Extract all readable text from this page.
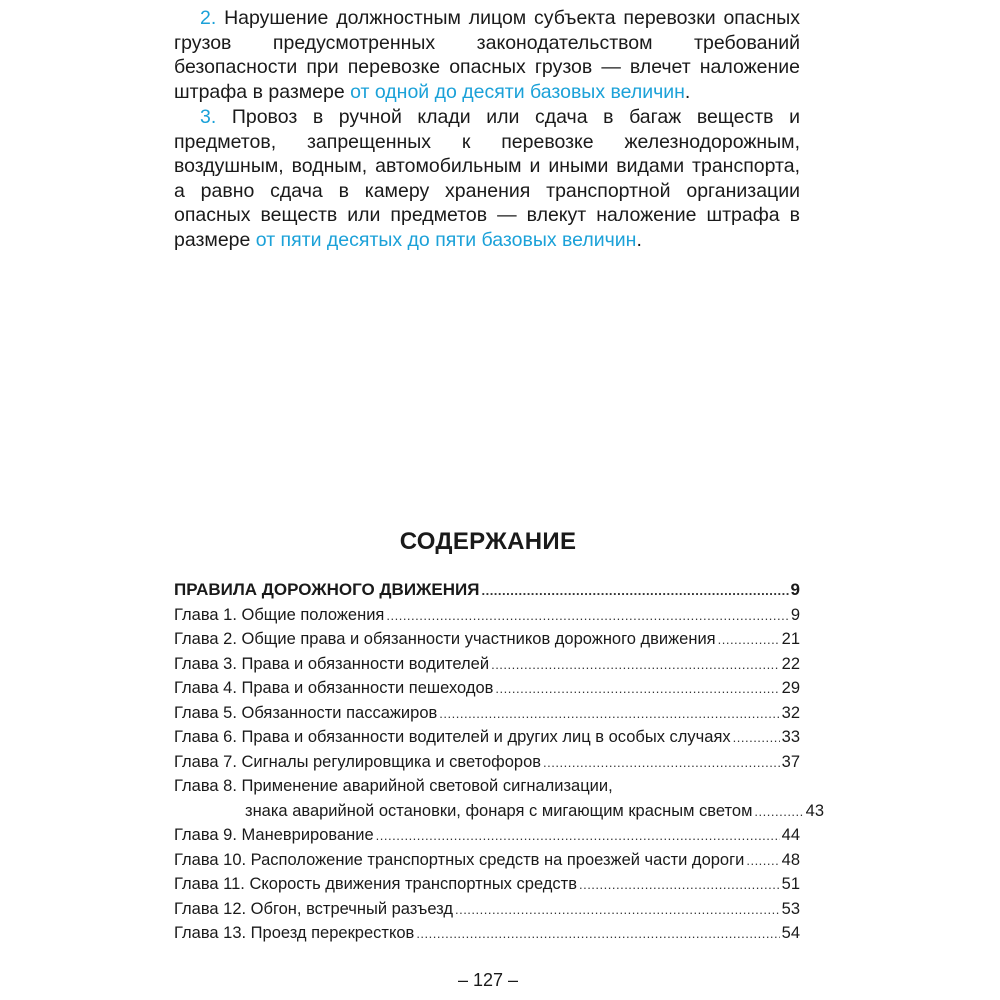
2. Нарушение должностным лицом субъекта перевозки опасных грузов предусмотренных законодательством требований безопасности при перевозке опасных грузов — влечет наложение штрафа в размере от одной до десяти базовых величин.

3. Провоз в ручной клади или сдача в багаж веществ и предметов, запрещенных к перевозке железнодорожным, воздушным, водным, автомобильным и иными видами транспорта, а равно сдача в камеру хранения транспортной организации опасных веществ или предметов — влекут наложение штрафа в размере от пяти десятых до пяти базовых величин.

СОДЕРЖАНИЕ
ПРАВИЛА ДОРОЖНОГО ДВИЖЕНИЯ .....	9
Глава 1. Общие положения .....	9
Глава 2. Общие права и обязанности участников дорожного движения .....	21
Глава 3. Права и обязанности водителей .....	22
Глава 4. Права и обязанности пешеходов .....	29
Глава 5. Обязанности пассажиров .....	32
Глава 6. Права и обязанности водителей и других лиц в особых случаях .....	33
Глава 7. Сигналы регулировщика и светофоров .....	37
Глава 8. Применение аварийной световой сигнализации,
знака аварийной остановки, фонаря с мигающим красным светом .....	43
Глава 9. Маневрирование .....	44
Глава 10. Расположение транспортных средств на проезжей части дороги ..... 48
Глава 11. Скорость движения транспортных средств .....	51
Глава 12. Обгон, встречный разъезд .....	53
Глава 13. Проезд перекрестков .....	54
– 127 –
